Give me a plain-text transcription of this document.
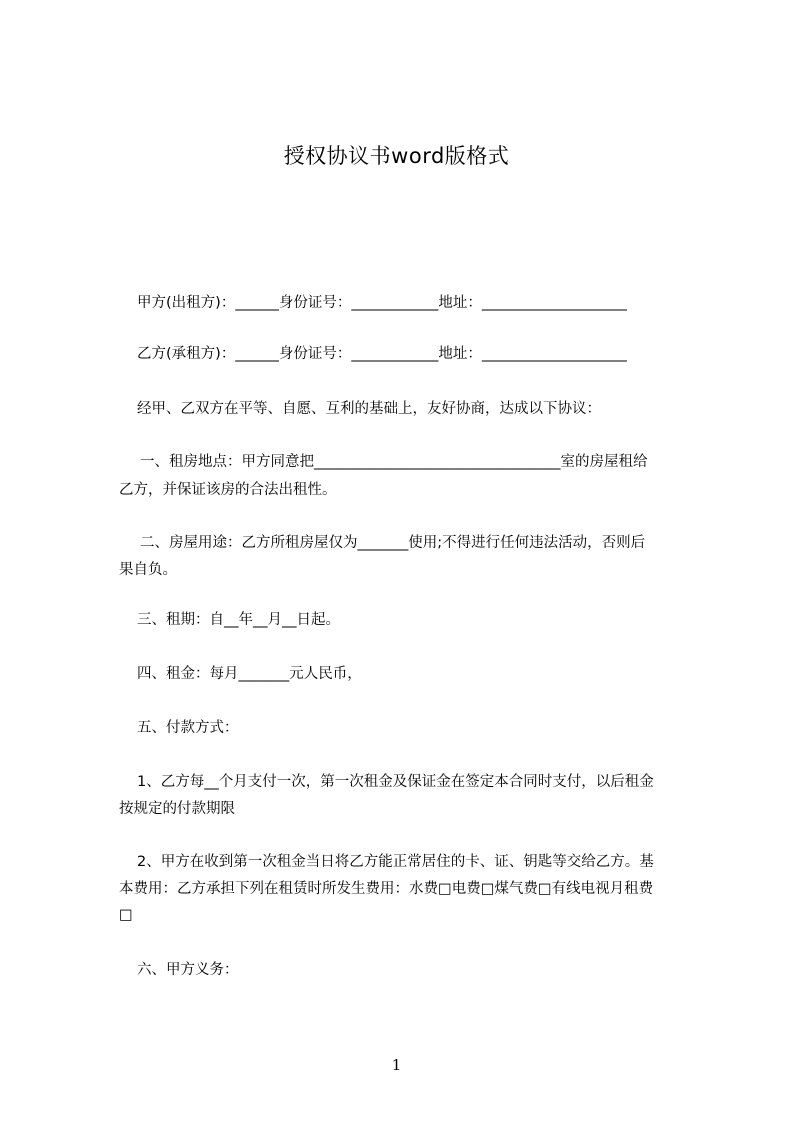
授权协议书word版格式
甲方(出租方)：______身份证号：____________地址：____________________
乙方(承租方)：______身份证号：____________地址：____________________
经甲、乙双方在平等、自愿、互利的基础上，友好协商，达成以下协议：
一、租房地点：甲方同意把__________________________________室的房屋租给
乙方，并保证该房的合法出租性。
二、房屋用途：乙方所租房屋仅为_______使用;不得进行任何违法活动，否则后
果自负。
三、租期：自__年__月__日起。
四、租金：每月_______元人民币，
五、付款方式：
1、乙方每__个月支付一次，第一次租金及保证金在签定本合同时支付，以后租金
按规定的付款期限
2、甲方在收到第一次租金当日将乙方能正常居住的卡、证、钥匙等交给乙方。基
本费用：乙方承担下列在租赁时所发生费用：水费□电费□煤气费□有线电视月租费
□
六、甲方义务：
1
